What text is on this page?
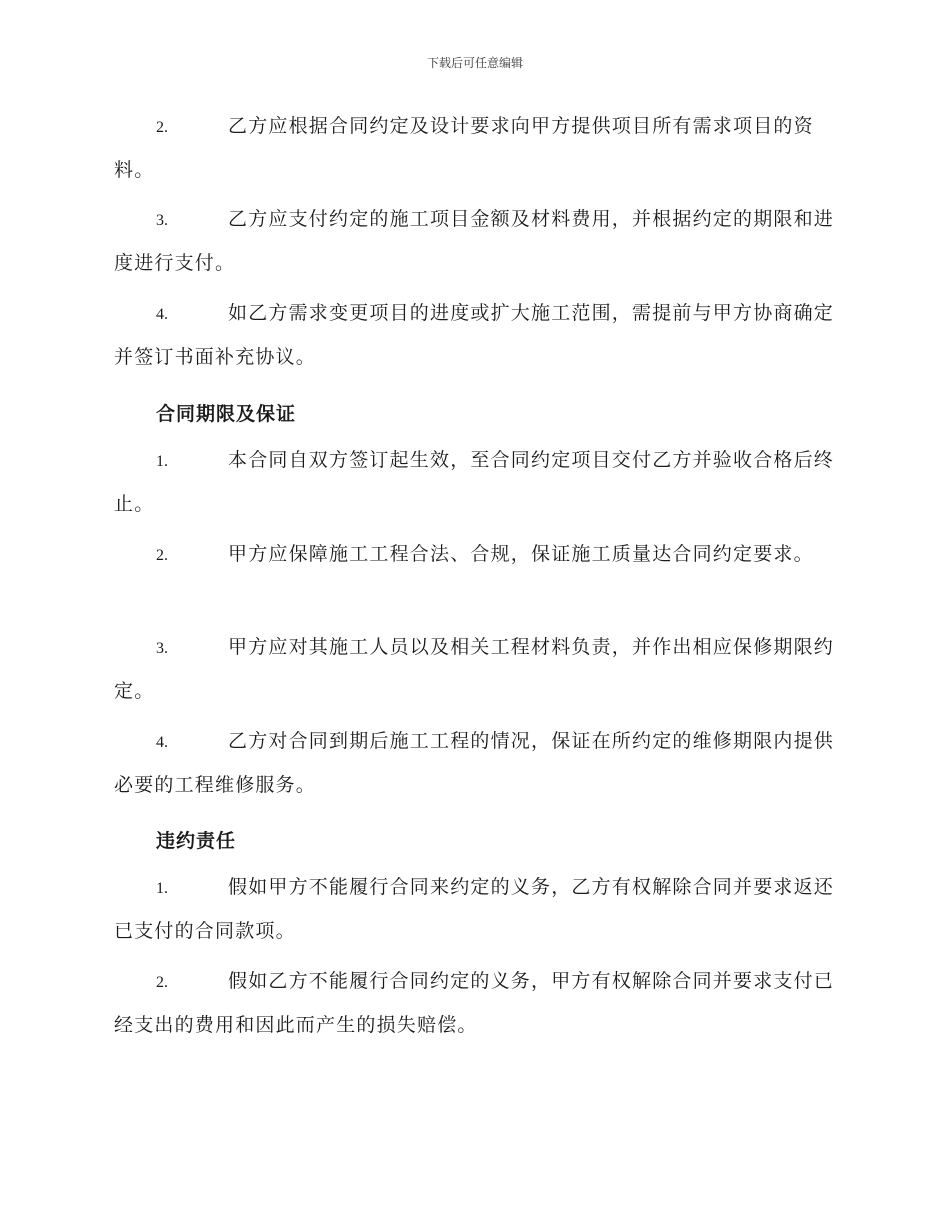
下载后可任意编辑
2.	乙方应根据合同约定及设计要求向甲方提供项目所有需求项目的资料。
3.	乙方应支付约定的施工项目金额及材料费用，并根据约定的期限和进度进行支付。
4.	如乙方需求变更项目的进度或扩大施工范围，需提前与甲方协商确定并签订书面补充协议。
合同期限及保证
1.	本合同自双方签订起生效，至合同约定项目交付乙方并验收合格后终止。
2.	甲方应保障施工工程合法、合规，保证施工质量达合同约定要求。
3.	甲方应对其施工人员以及相关工程材料负责，并作出相应保修期限约定。
4.	乙方对合同到期后施工工程的情况，保证在所约定的维修期限内提供必要的工程维修服务。
违约责任
1.	假如甲方不能履行合同来约定的义务，乙方有权解除合同并要求返还已支付的合同款项。
2.	假如乙方不能履行合同约定的义务，甲方有权解除合同并要求支付已经支出的费用和因此而产生的损失赔偿。
